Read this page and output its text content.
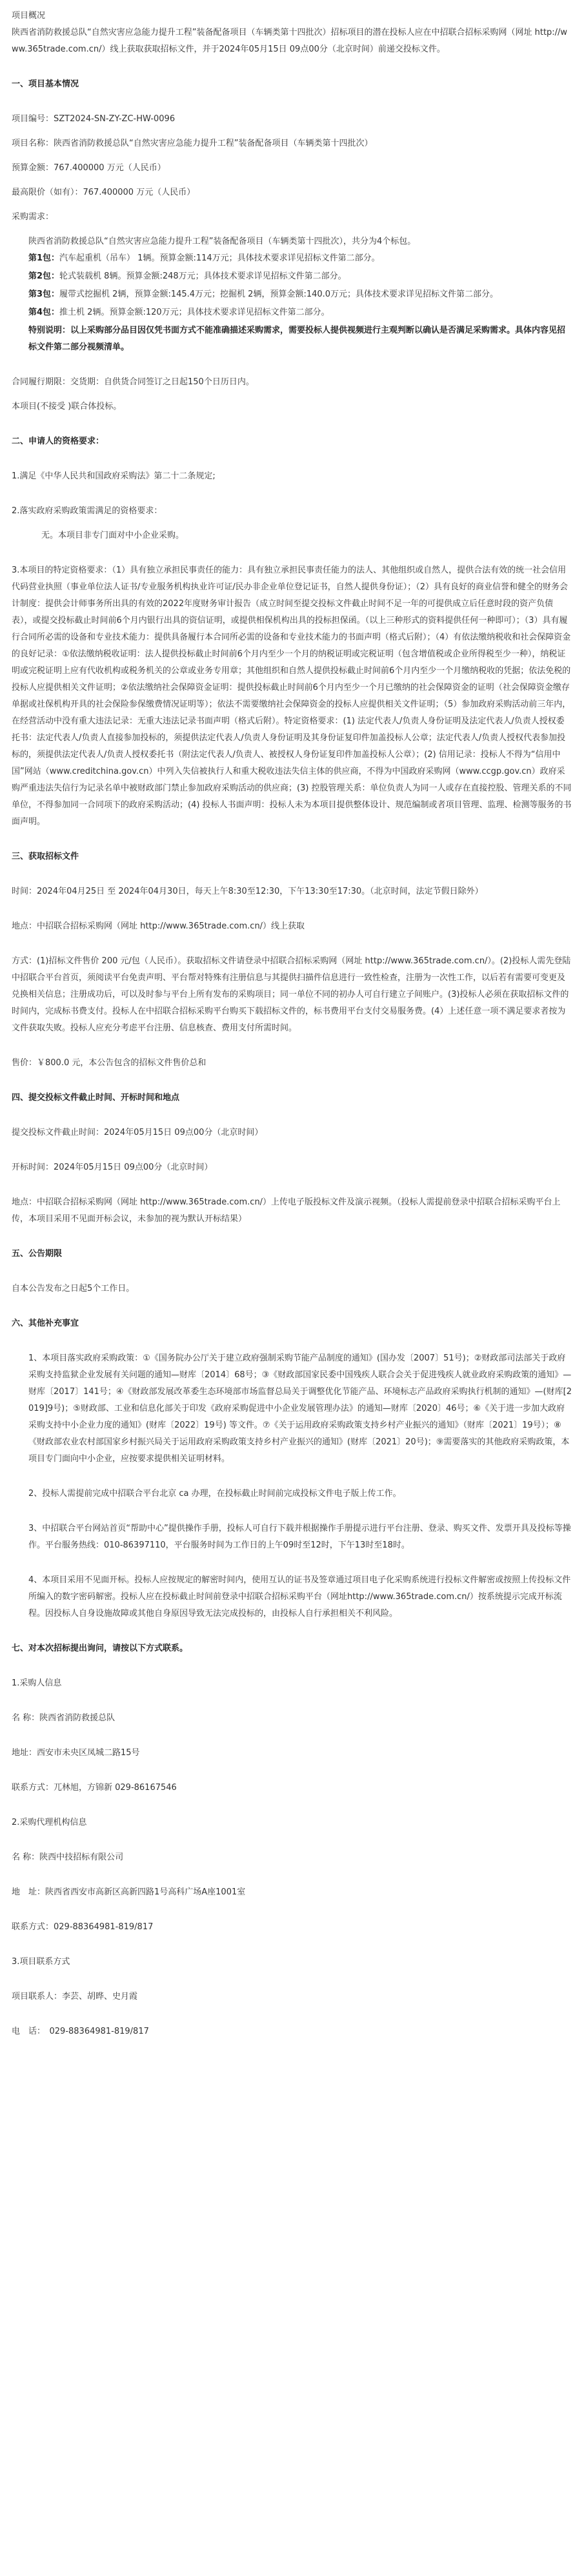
项目概况

陕西省消防救援总队“自然灾害应急能力提升工程”装备配备项目（车辆类第十四批次）招标项目的潜在投标人应在中招联合招标采购网（网址 http://www.365trade.com.cn/）线上获取获取招标文件，并于2024年05月15日 09点00分（北京时间）前递交投标文件。

一、项目基本情况

项目编号：SZT2024-SN-ZY-ZC-HW-0096

项目名称：陕西省消防救援总队“自然灾害应急能力提升工程”装备配备项目（车辆类第十四批次）

预算金额：767.400000 万元（人民币）

最高限价（如有）：767.400000 万元（人民币）

采购需求：

陕西省消防救援总队“自然灾害应急能力提升工程”装备配备项目（车辆类第十四批次），共分为4个标包。

第1包：汽车起重机（吊车） 1辆。预算金额:114万元；具体技术要求详见招标文件第二部分。

第2包：轮式装载机 8辆。预算金额:248万元；具体技术要求详见招标文件第二部分。

第3包：履带式挖掘机 2辆，预算金额:145.4万元；挖掘机 2辆，预算金额:140.0万元；具体技术要求详见招标文件第二部分。

第4包：推土机 2辆。预算金额:120万元；具体技术要求详见招标文件第二部分。

特别说明：以上采购部分品目因仅凭书面方式不能准确描述采购需求，需要投标人提供视频进行主观判断以确认是否满足采购需求。具体内容见招标文件第二部分视频清单。

合同履行期限：交货期：自供货合同签订之日起150个日历日内。

本项目(不接受 )联合体投标。

二、申请人的资格要求：

1.满足《中华人民共和国政府采购法》第二十二条规定;

2.落实政府采购政策需满足的资格要求：

无。本项目非专门面对中小企业采购。

3.本项目的特定资格要求：（1）具有独立承担民事责任的能力：具有独立承担民事责任能力的法人、其他组织或自然人，提供合法有效的统一社会信用代码营业执照（事业单位法人证书/专业服务机构执业许可证/民办非企业单位登记证书，自然人提供身份证）；（2）具有良好的商业信誉和健全的财务会计制度：提供会计师事务所出具的有效的2022年度财务审计报告（成立时间至提交投标文件截止时间不足一年的可提供成立后任意时段的资产负债表），或提交投标截止时间前6个月内银行出具的资信证明，或提供相保机构出具的投标担保函。（以上三种形式的资料提供任何一种即可）；（3）具有履行合同所必需的设备和专业技术能力：提供具备履行本合同所必需的设备和专业技术能力的书面声明（格式后附）；（4）有依法缴纳税收和社会保障资金的良好记录：①依法缴纳税收证明：法人提供投标截止时间前6个月内至少一个月的纳税证明或完税证明（包含增值税或企业所得税至少一种），纳税证明或完税证明上应有代收机构或税务机关的公章或业务专用章；其他组织和自然人提供投标截止时间前6个月内至少一个月缴纳税收的凭据；依法免税的投标人应提供相关文件证明；②依法缴纳社会保障资金证明：提供投标截止时间前6个月内至少一个月已缴纳的社会保障资金的证明（社会保障资金缴存单据或社保机构开具的社会保险参保缴费情况证明等）；依法不需要缴纳社会保障资金的投标人应提供相关文件证明；（5）参加政府采购活动前三年内，在经营活动中没有重大违法记录：无重大违法记录书面声明（格式后附）。特定资格要求：(1) 法定代表人/负责人身份证明及法定代表人/负责人授权委托书：法定代表人/负责人直接参加投标的，须提供法定代表人/负责人身份证明及其身份证复印件加盖投标人公章；法定代表人/负责人授权代表参加投标的，须提供法定代表人/负责人授权委托书（附法定代表人/负责人、被授权人身份证复印件加盖投标人公章）；(2) 信用记录：投标人不得为“信用中国”网站（www.creditchina.gov.cn）中列入失信被执行人和重大税收违法失信主体的供应商，不得为中国政府采购网（www.ccgp.gov.cn）政府采购严重违法失信行为记录名单中被财政部门禁止参加政府采购活动的供应商；(3) 控股管理关系：单位负责人为同一人或存在直接控股、管理关系的不同单位，不得参加同一合同项下的政府采购活动；(4) 投标人书面声明：投标人未为本项目提供整体设计、规范编制或者项目管理、监理、检测等服务的书面声明。

三、获取招标文件

时间：2024年04月25日 至 2024年04月30日，每天上午8:30至12:30，下午13:30至17:30。（北京时间，法定节假日除外）

地点：中招联合招标采购网（网址 http://www.365trade.com.cn/）线上获取

方式：(1)招标文件售价 200 元/包（人民币）。获取招标文件请登录中招联合招标采购网（网址 http://www.365trade.com.cn/）。(2)投标人需先登陆中招联合平台首页，须阅读平台免责声明、平台帮对特殊有注册信息与其提供扫描件信息进行一致性检查，注册为一次性工作，以后若有需要可变更及兑换相关信息；注册成功后，可以及时参与平台上所有发布的采购项目；同一单位不同的初办人可自行建立子间账户。(3)投标人必须在获取招标文件的时间内，完成标书费支付。投标人在中招联合招标采购平台购买下载招标文件的，标书费用平台支付交易服务费。(4）上述任意一项不满足要求者按为文件获取失败。投标人应充分考虑平台注册、信息核查、费用支付所需时间。

售价：￥800.0 元，本公告包含的招标文件售价总和

四、提交投标文件截止时间、开标时间和地点

提交投标文件截止时间：2024年05月15日 09点00分（北京时间）

开标时间：2024年05月15日 09点00分（北京时间）

地点：中招联合招标采购网（网址 http://www.365trade.com.cn/）上传电子版投标文件及演示视频。（投标人需提前登录中招联合招标采购平台上传，本项目采用不见面开标会议，未参加的视为默认开标结果）

五、公告期限

自本公告发布之日起5个工作日。

六、其他补充事宜

1、本项目落实政府采购政策：①《国务院办公厅关于建立政府强制采购节能产品制度的通知》(国办发〔2007〕51号)；②财政部司法部关于政府采购支持监狱企业发展有关问题的通知—财库〔2014〕68号；③《财政部国家民委中国残疾人联合会关于促进残疾人就业政府采购政策的通知》—财库〔2017〕141号；④《财政部发展改革委生态环境部市场监督总局关于调整优化节能产品、环境标志产品政府采购执行机制的通知》—(财库[2019]9号)；⑤财政部、工业和信息化部关于印发《政府采购促进中小企业发展管理办法》的通知—财库〔2020〕46号；⑥《关于进一步加大政府采购支持中小企业力度的通知》(财库〔2022〕19号) 等文件。⑦《关于运用政府采购政策支持乡村产业振兴的通知》（财库〔2021〕19号）；⑧《财政部农业农村部国家乡村振兴局关于运用政府采购政策支持乡村产业振兴的通知》(财库〔2021〕20号)；⑨需要落实的其他政府采购政策，本项目专门面向中小企业，应按要求提供相关证明材料。

2、投标人需提前完成中招联合平台北京 ca 办理，在投标截止时间前完成投标文件电子版上传工作。

3、中招联合平台网站首页“帮助中心”提供操作手册，投标人可自行下载并根据操作手册提示进行平台注册、登录、购买文件、发票开具及投标等操作。平台服务热线：010-86397110，平台服务时间为工作日的上午09时至12时，下午13时至18时。

4、本项目采用不见面开标。投标人应按规定的解密时间内，使用互认的证书及签章通过项目电子化采购系统进行投标文件解密或按照上传投标文件所编入的数字密码解密。投标人应在投标截止时间前登录中招联合招标采购平台（网址http://www.365trade.com.cn/）按系统提示完成开标流程。因投标人自身设施故障或其他自身原因导致无法完成投标的，由投标人自行承担相关不利风险。

七、对本次招标提出询问，请按以下方式联系。

1.采购人信息

名 称：陕西省消防救援总队

地址：西安市未央区凤城二路15号

联系方式：兀林旭，方锦新 029-86167546

2.采购代理机构信息

名 称：陕西中技招标有限公司

地　址：陕西省西安市高新区高新四路1号高科广场A座1001室

联系方式：029-88364981-819/817

3.项目联系方式

项目联系人：李芸、胡晔、史月霞

电　话：　029-88364981-819/817
